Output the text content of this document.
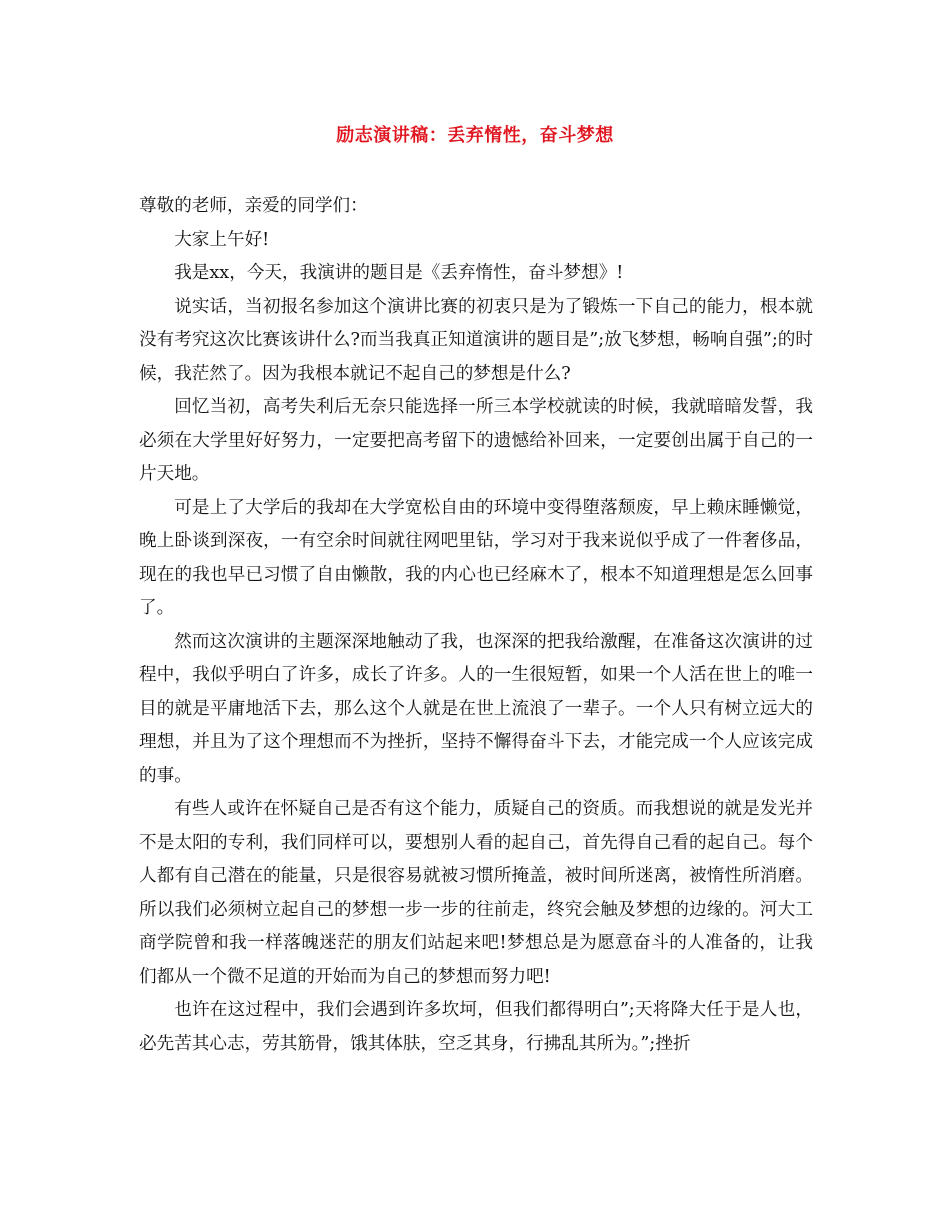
励志演讲稿：丢弃惰性，奋斗梦想

尊敬的老师，亲爱的同学们：

大家上午好!

我是xx，今天，我演讲的题目是《丢弃惰性，奋斗梦想》!

说实话，当初报名参加这个演讲比赛的初衷只是为了锻炼一下自己的能力，根本就没有考究这次比赛该讲什么?而当我真正知道演讲的题目是”;放飞梦想，畅响自强”;的时候，我茫然了。因为我根本就记不起自己的梦想是什么?

回忆当初，高考失利后无奈只能选择一所三本学校就读的时候，我就暗暗发誓，我必须在大学里好好努力，一定要把高考留下的遗憾给补回来，一定要创出属于自己的一片天地。

可是上了大学后的我却在大学宽松自由的环境中变得堕落颓废，早上赖床睡懒觉，晚上卧谈到深夜，一有空余时间就往网吧里钻，学习对于我来说似乎成了一件奢侈品，现在的我也早已习惯了自由懒散，我的内心也已经麻木了，根本不知道理想是怎么回事了。

然而这次演讲的主题深深地触动了我，也深深的把我给激醒，在准备这次演讲的过程中，我似乎明白了许多，成长了许多。人的一生很短暂，如果一个人活在世上的唯一目的就是平庸地活下去，那么这个人就是在世上流浪了一辈子。一个人只有树立远大的理想，并且为了这个理想而不为挫折，坚持不懈得奋斗下去，才能完成一个人应该完成的事。

有些人或许在怀疑自己是否有这个能力，质疑自己的资质。而我想说的就是发光并不是太阳的专利，我们同样可以，要想别人看的起自己，首先得自己看的起自己。每个人都有自己潜在的能量，只是很容易就被习惯所掩盖，被时间所迷离，被惰性所消磨。所以我们必须树立起自己的梦想一步一步的往前走，终究会触及梦想的边缘的。河大工商学院曾和我一样落魄迷茫的朋友们站起来吧!梦想总是为愿意奋斗的人准备的，让我们都从一个微不足道的开始而为自己的梦想而努力吧!

也许在这过程中，我们会遇到许多坎坷，但我们都得明白”;天将降大任于是人也，必先苦其心志，劳其筋骨，饿其体肤，空乏其身，行拂乱其所为。”;挫折
